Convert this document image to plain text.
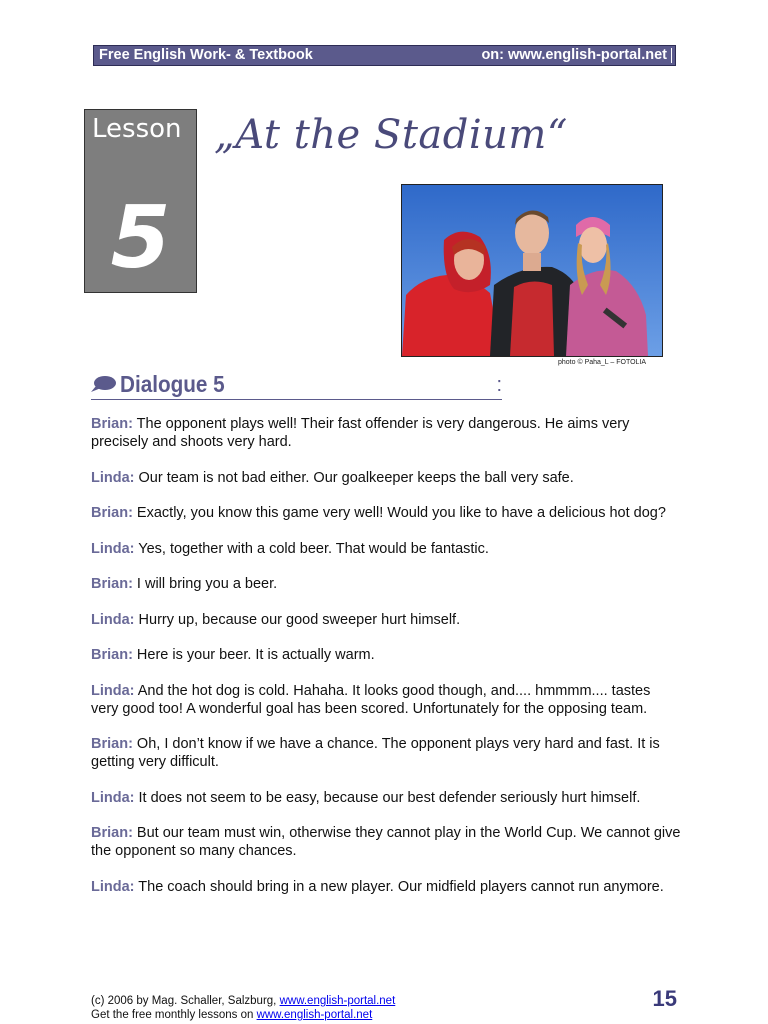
Free English Work- & Textbook	on: www.english-portal.net
Lesson
5
„At the Stadium“
photo © Paha_L – FOTOLIA
Dialogue 5	:

Brian: The opponent plays well! Their fast offender is very dangerous. He aims very precisely and shoots very hard.

Linda: Our team is not bad either. Our goalkeeper keeps the ball very safe.

Brian: Exactly, you know this game very well! Would you like to have a delicious hot dog?

Linda: Yes, together with a cold beer. That would be fantastic.

Brian: I will bring you a beer.

Linda: Hurry up, because our good sweeper hurt himself.

Brian: Here is your beer. It is actually warm.

Linda: And the hot dog is cold. Hahaha. It looks good though, and.... hmmmm.... tastes very good too! A wonderful goal has been scored. Unfortunately for the opposing team.

Brian: Oh, I don’t know if we have a chance. The opponent plays very hard and fast. It is getting very difficult.

Linda: It does not seem to be easy, because our best defender seriously hurt himself.

Brian: But our team must win, otherwise they cannot play in the World Cup. We cannot give the opponent so many chances.

Linda: The coach should bring in a new player. Our midfield players cannot run anymore.

(c) 2006 by Mag. Schaller, Salzburg, www.english-portal.net
Get the free monthly lessons on www.english-portal.net
15
